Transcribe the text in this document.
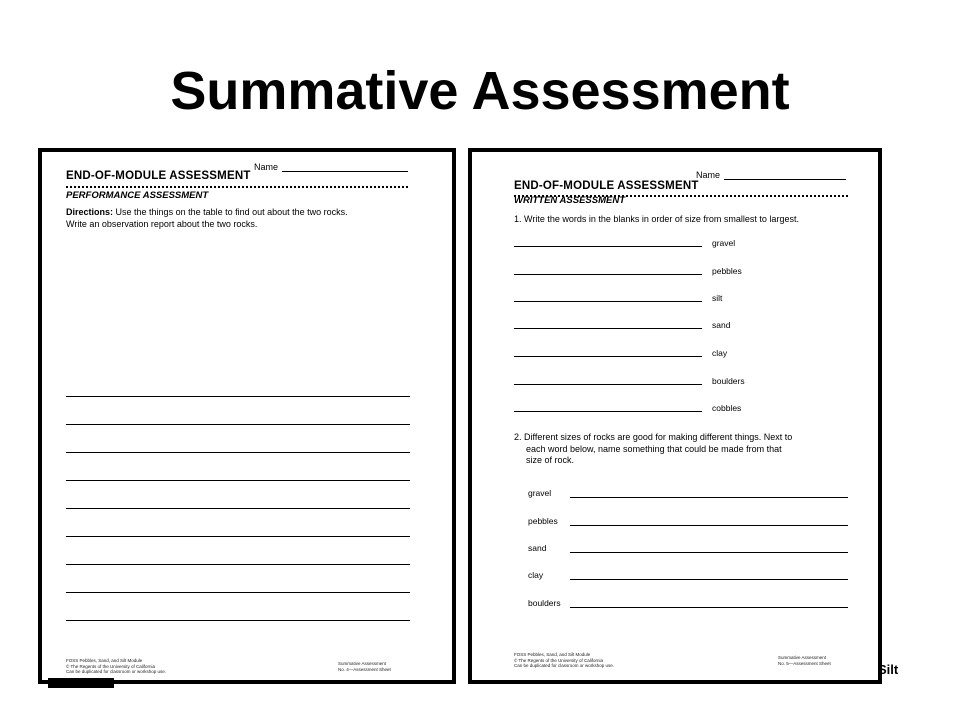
Summative Assessment
Name
END-OF-MODULE ASSESSMENT
PERFORMANCE ASSESSMENT
Directions: Use the things on the table to find out about the two rocks.
Write an observation report about the two rocks.
FOSS Pebbles, Sand, and Silt Module
© The Regents of the University of California
Can be duplicated for classroom or workshop use.
Summative Assessment
No. 4—Assessment Sheet
Name
END-OF-MODULE ASSESSMENT
WRITTEN ASSESSMENT
1. Write the words in the blanks in order of size from smallest to largest.
gravel
pebbles
silt
sand
clay
boulders
cobbles
2. Different sizes of rocks are good for making different things. Next to
each word below, name something that could be made from that
size of rock.
gravel
pebbles
sand
clay
boulders
FOSS Pebbles, Sand, and Silt Module
© The Regents of the University of California
Can be duplicated for classroom or workshop use.
Summative Assessment
No. 5—Assessment Sheet	Silt
